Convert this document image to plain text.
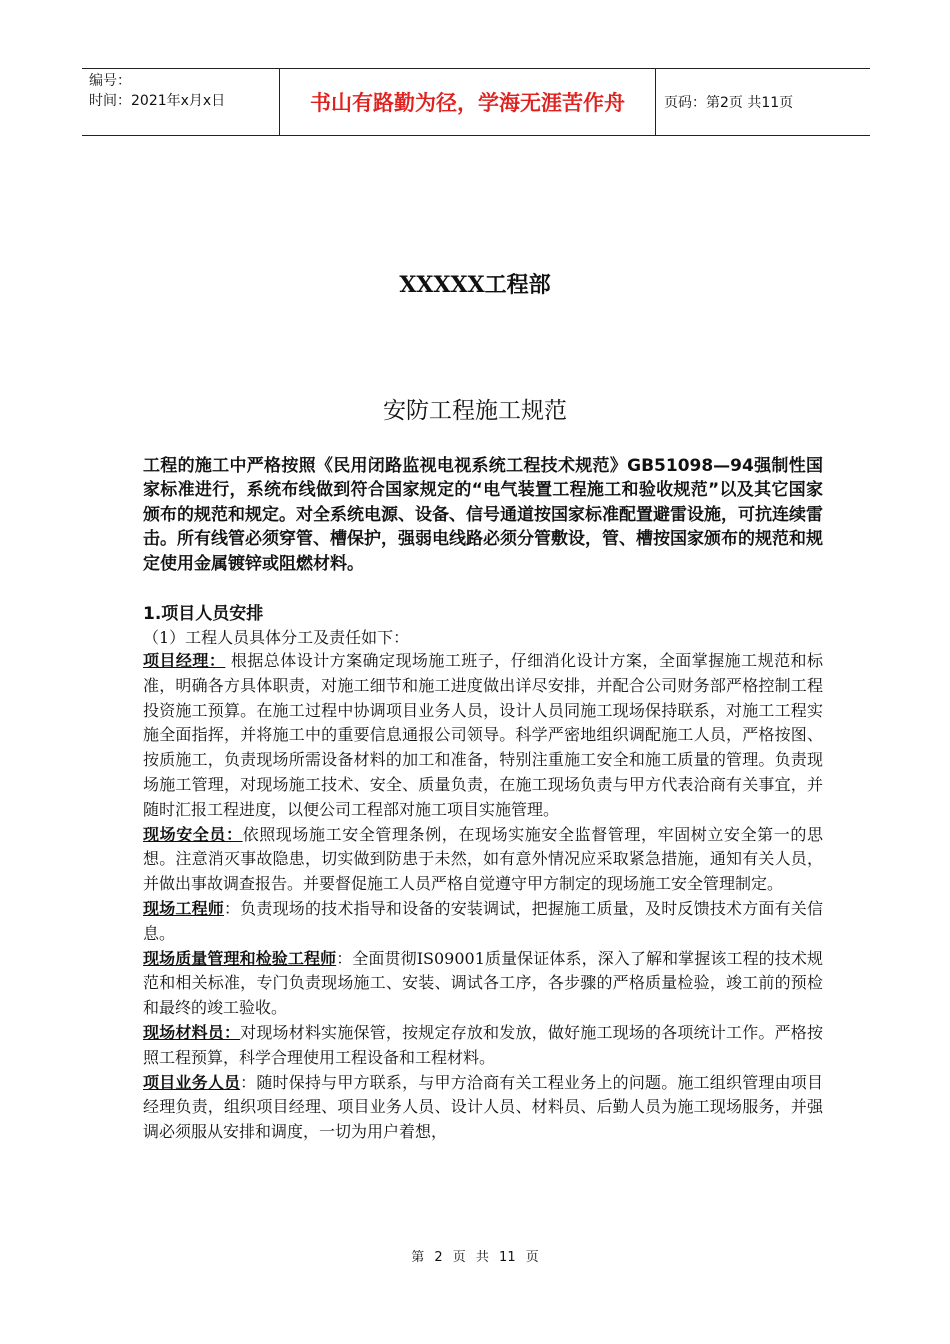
编号：
时间：2021年x月x日	书山有路勤为径，学海无涯苦作舟	页码：第2页 共11页
XXXXX工程部
安防工程施工规范

工程的施工中严格按照《民用闭路监视电视系统工程技术规范》GB51098—94强制性国家标准进行，系统布线做到符合国家规定的“电气装置工程施工和验收规范”以及其它国家颁布的规范和规定。对全系统电源、设备、信号通道按国家标准配置避雷设施，可抗连续雷击。所有线管必须穿管、槽保护，强弱电线路必须分管敷设，管、槽按国家颁布的规范和规定使用金属镀锌或阻燃材料。

1.项目人员安排
（1）工程人员具体分工及责任如下：

项目经理： 根据总体设计方案确定现场施工班子，仔细消化设计方案，全面掌握施工规范和标准，明确各方具体职责，对施工细节和施工进度做出详尽安排，并配合公司财务部严格控制工程投资施工预算。在施工过程中协调项目业务人员，设计人员同施工现场保持联系，对施工工程实施全面指挥，并将施工中的重要信息通报公司领导。科学严密地组织调配施工人员，严格按图、按质施工，负责现场所需设备材料的加工和准备，特别注重施工安全和施工质量的管理。负责现场施工管理，对现场施工技术、安全、质量负责，在施工现场负责与甲方代表洽商有关事宜，并随时汇报工程进度，以便公司工程部对施工项目实施管理。

现场安全员：依照现场施工安全管理条例，在现场实施安全监督管理，牢固树立安全第一的思想。注意消灭事故隐患，切实做到防患于未然，如有意外情况应采取紧急措施，通知有关人员，并做出事故调查报告。并要督促施工人员严格自觉遵守甲方制定的现场施工安全管理制定。

现场工程师：负责现场的技术指导和设备的安装调试，把握施工质量，及时反馈技术方面有关信息。

现场质量管理和检验工程师：全面贯彻IS09001质量保证体系，深入了解和掌握该工程的技术规范和相关标准，专门负责现场施工、安装、调试各工序，各步骤的严格质量检验，竣工前的预检和最终的竣工验收。

现场材料员：对现场材料实施保管，按规定存放和发放，做好施工现场的各项统计工作。严格按照工程预算，科学合理使用工程设备和工程材料。

项目业务人员：随时保持与甲方联系，与甲方洽商有关工程业务上的问题。施工组织管理由项目经理负责，组织项目经理、项目业务人员、设计人员、材料员、后勤人员为施工现场服务，并强调必须服从安排和调度，一切为用户着想，

第 2 页 共 11 页
